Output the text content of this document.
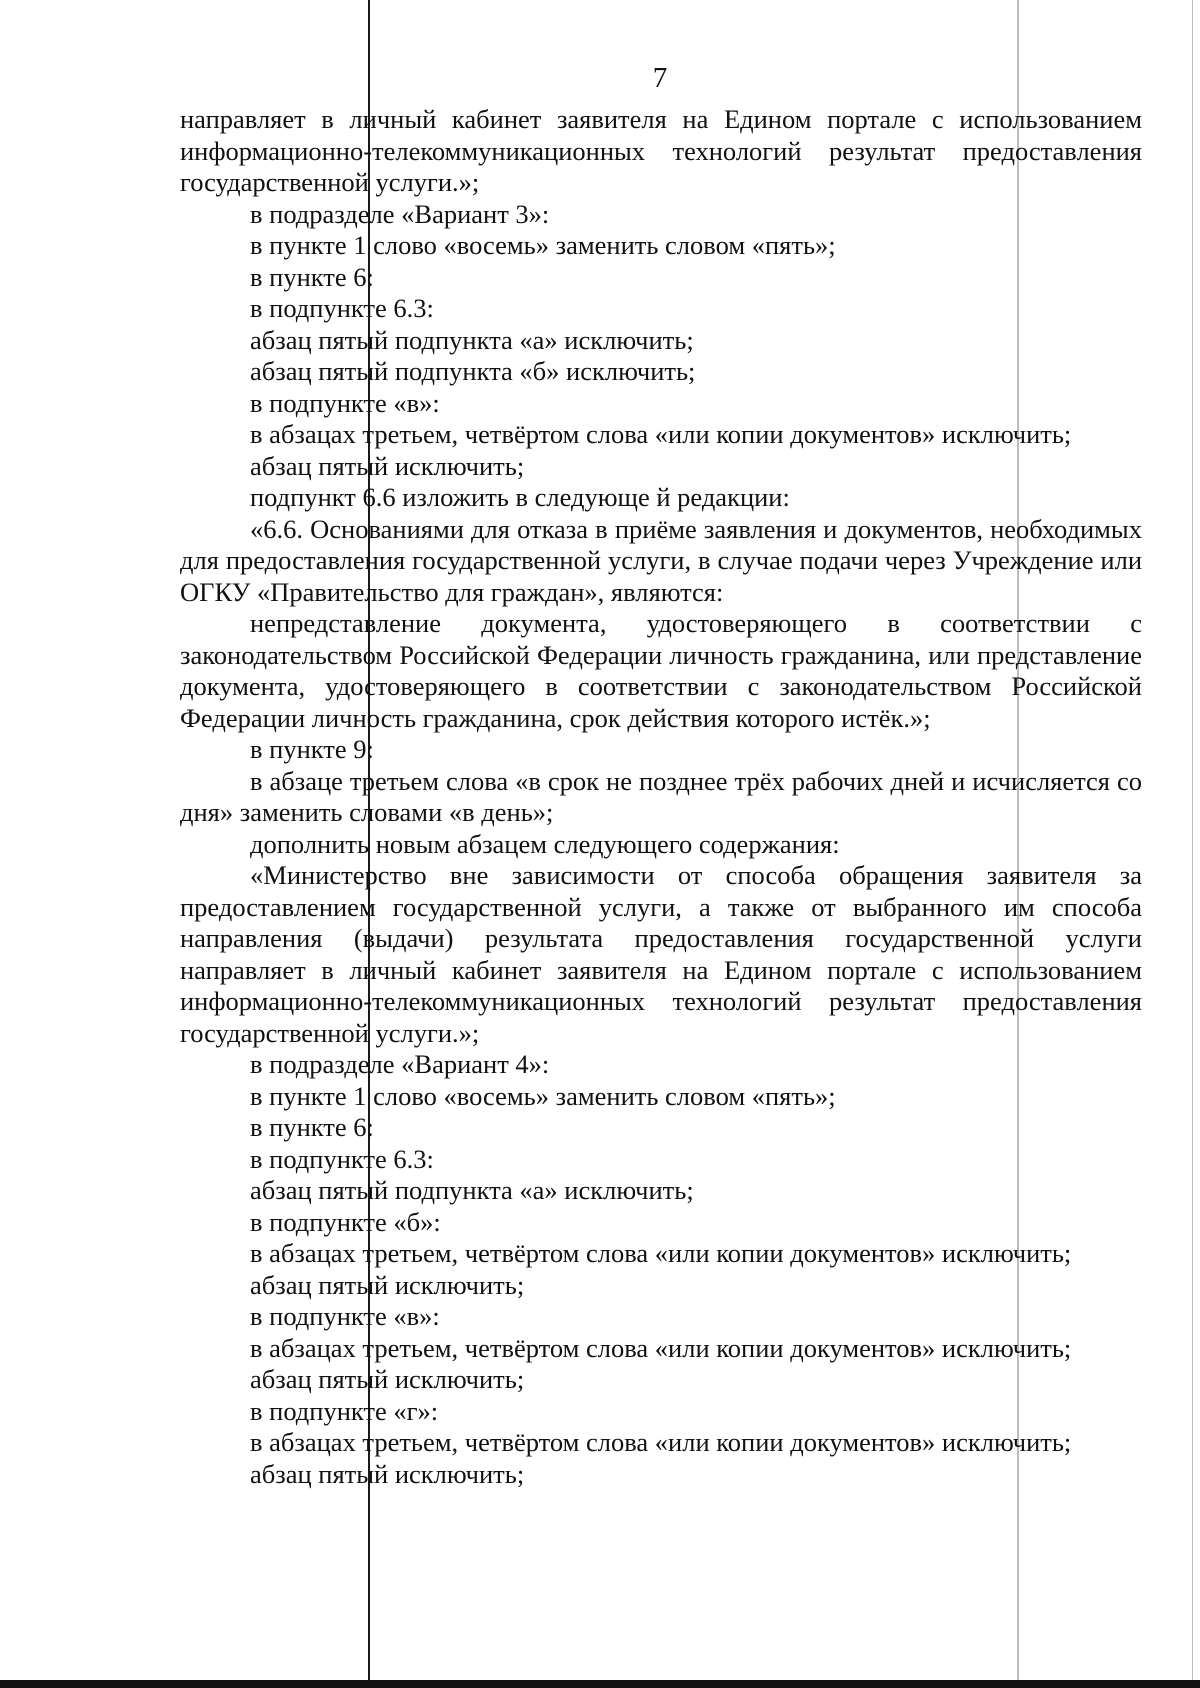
7

направляет в личный кабинет заявителя на Едином портале с использованием информационно-телекоммуникационных технологий результат предоставления государственной услуги.»;

в подразделе «Вариант 3»:

в пункте 1 слово «восемь» заменить словом «пять»;

в пункте 6:

в подпункте 6.3:

абзац пятый подпункта «а» исключить;

абзац пятый подпункта «б» исключить;

в подпункте «в»:

в абзацах третьем, четвёртом слова «или копии документов» исключить;

абзац пятый исключить;

подпункт 6.6 изложить в следующе й редакции:

«6.6. Основаниями для отказа в приёме заявления и документов, необходимых для предоставления государственной услуги, в случае подачи через Учреждение или ОГКУ «Правительство для граждан», являются:

непредставление документа, удостоверяющего в соответствии с законодательством Российской Федерации личность гражданина, или представление документа, удостоверяющего в соответствии с законодательством Российской Федерации личность гражданина, срок действия которого истёк.»;

в пункте 9:

в абзаце третьем слова «в срок не позднее трёх рабочих дней и исчисляется со дня» заменить словами «в день»;

дополнить новым абзацем следующего содержания:

«Министерство вне зависимости от способа обращения заявителя за предоставлением государственной услуги, а также от выбранного им способа направления (выдачи) результата предоставления государственной услуги направляет в личный кабинет заявителя на Едином портале с использованием информационно-телекоммуникационных технологий результат предоставления государственной услуги.»;

в подразделе «Вариант 4»:

в пункте 1 слово «восемь» заменить словом «пять»;

в пункте 6:

в подпункте 6.3:

абзац пятый подпункта «а» исключить;

в подпункте «б»:

в абзацах третьем, четвёртом слова «или копии документов» исключить;

абзац пятый исключить;

в подпункте «в»:

в абзацах третьем, четвёртом слова «или копии документов» исключить;

абзац пятый исключить;

в подпункте «г»:

в абзацах третьем, четвёртом слова «или копии документов» исключить;

абзац пятый исключить;
